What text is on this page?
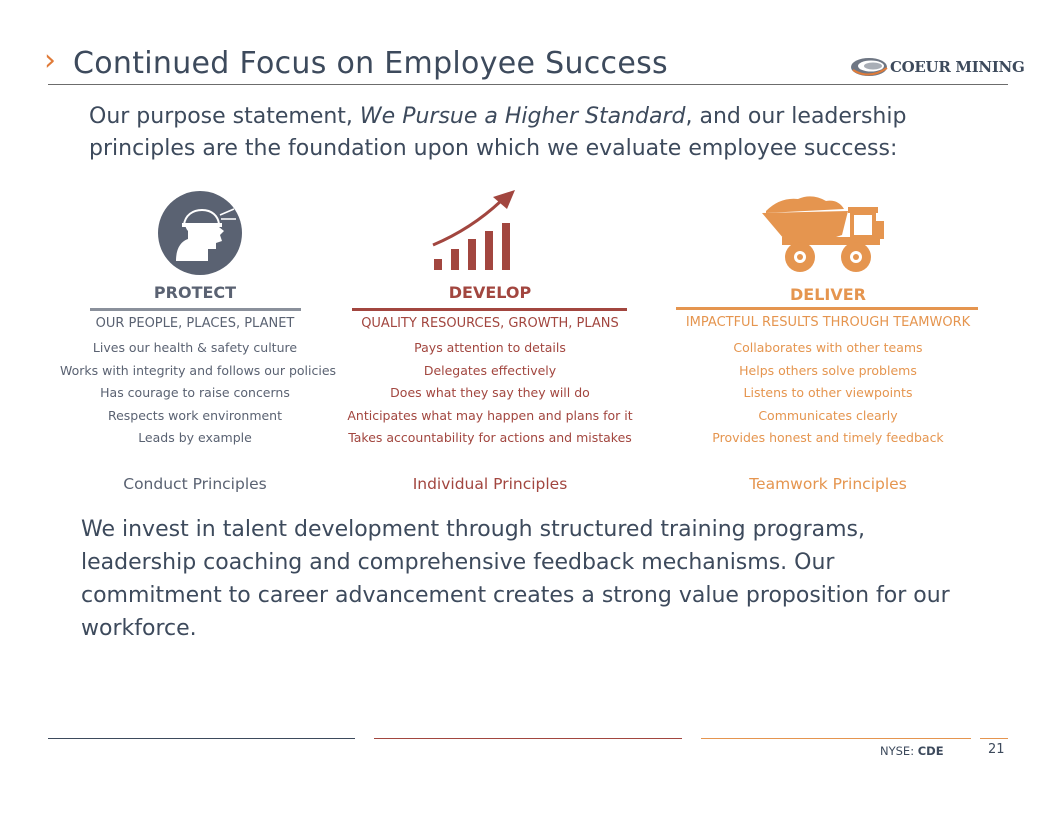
› Continued Focus on Employee Success	COEUR MINING
Our purpose statement, We Pursue a Higher Standard, and our leadership principles are the foundation upon which we evaluate employee success:
PROTECT
OUR PEOPLE, PLACES, PLANET
Lives our health & safety culture
Works with integrity and follows our policies
Has courage to raise concerns
Respects work environment
Leads by example
Conduct Principles
DEVELOP
QUALITY RESOURCES, GROWTH, PLANS
Pays attention to details
Delegates effectively
Does what they say they will do
Anticipates what may happen and plans for it
Takes accountability for actions and mistakes
Individual Principles
DELIVER
IMPACTFUL RESULTS THROUGH TEAMWORK
Collaborates with other teams
Helps others solve problems
Listens to other viewpoints
Communicates clearly
Provides honest and timely feedback
Teamwork Principles
We invest in talent development through structured training programs, leadership coaching and comprehensive feedback mechanisms. Our commitment to career advancement creates a strong value proposition for our workforce.
NYSE: CDE	21
